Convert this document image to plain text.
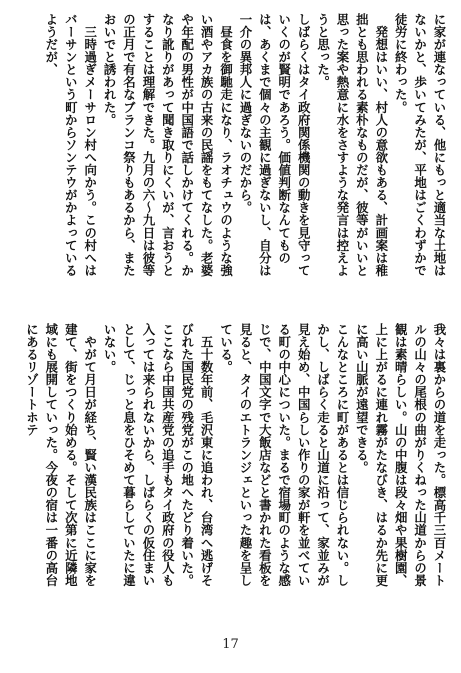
に家が連なっている、他にもっと適当な土地はないかと、歩いてみたが、平地はごくわずかで徒労に終わった。

　発想はいい、村人の意欲もある、計画案は稚拙とも思われる素朴なものだが、彼等がいいと思った案や熱意に水をさすような発言は控えようと思った。

しばらくはタイ政府関係機関の動きを見守っていくのが賢明であろう。価値判断なんてものは、あくまで個々の主観に過ぎないし、自分は一介の異邦人に過ぎないのだから。

　昼食を御馳走になり、ラオチュウのような強い酒やアカ族の古来の民謡をもてなした。老婆や年配の男性が中国語で話しかけてくれる。かなり訛りがあって聞き取りにくいが、言おうとすることは理解できた。九月の六〜九日は彼等の正月で有名なブランコ祭りもあるから、またおいでと誘われた。

　三時過ぎメーサロン村へ向かう。この村へはバーサンという町からソンテウがかよっているようだが、

我々は裏からの道を走った。標高千三百メートルの山々の尾根の曲がりくねった山道からの景観は素晴らしい。山の中腹は段々畑や果樹園、上に上がるに連れ霧がたなびき、はるか先に更に高い山脈が遠望できる。

こんなところに町があるとは信じられない。しかし、しばらく走ると山道に沿って、家並みが見え始め、中国らしい作りの家が軒を並べている町の中心についた。まるで宿場町のような感じで、中国文字で大飯店などと書かれた看板を見ると、タイのエトランジェといった趣を呈している。

　五十数年前、毛沢東に追われ、台湾へ逃げそびれた国民党の残党がこの地へたどり着いた。ここなら中国共産党の追手もタイ政府の役人も入っては来られないから、しばらくの仮住まいとして、じっと息をひそめて暮らしていたに違いない。

　やがて月日が経ち、賢い漢民族はここに家を建て、街をつくり始める。そして次第に近隣地域にも展開していった。今夜の宿は一番の高台にあるリゾートホテ

17
